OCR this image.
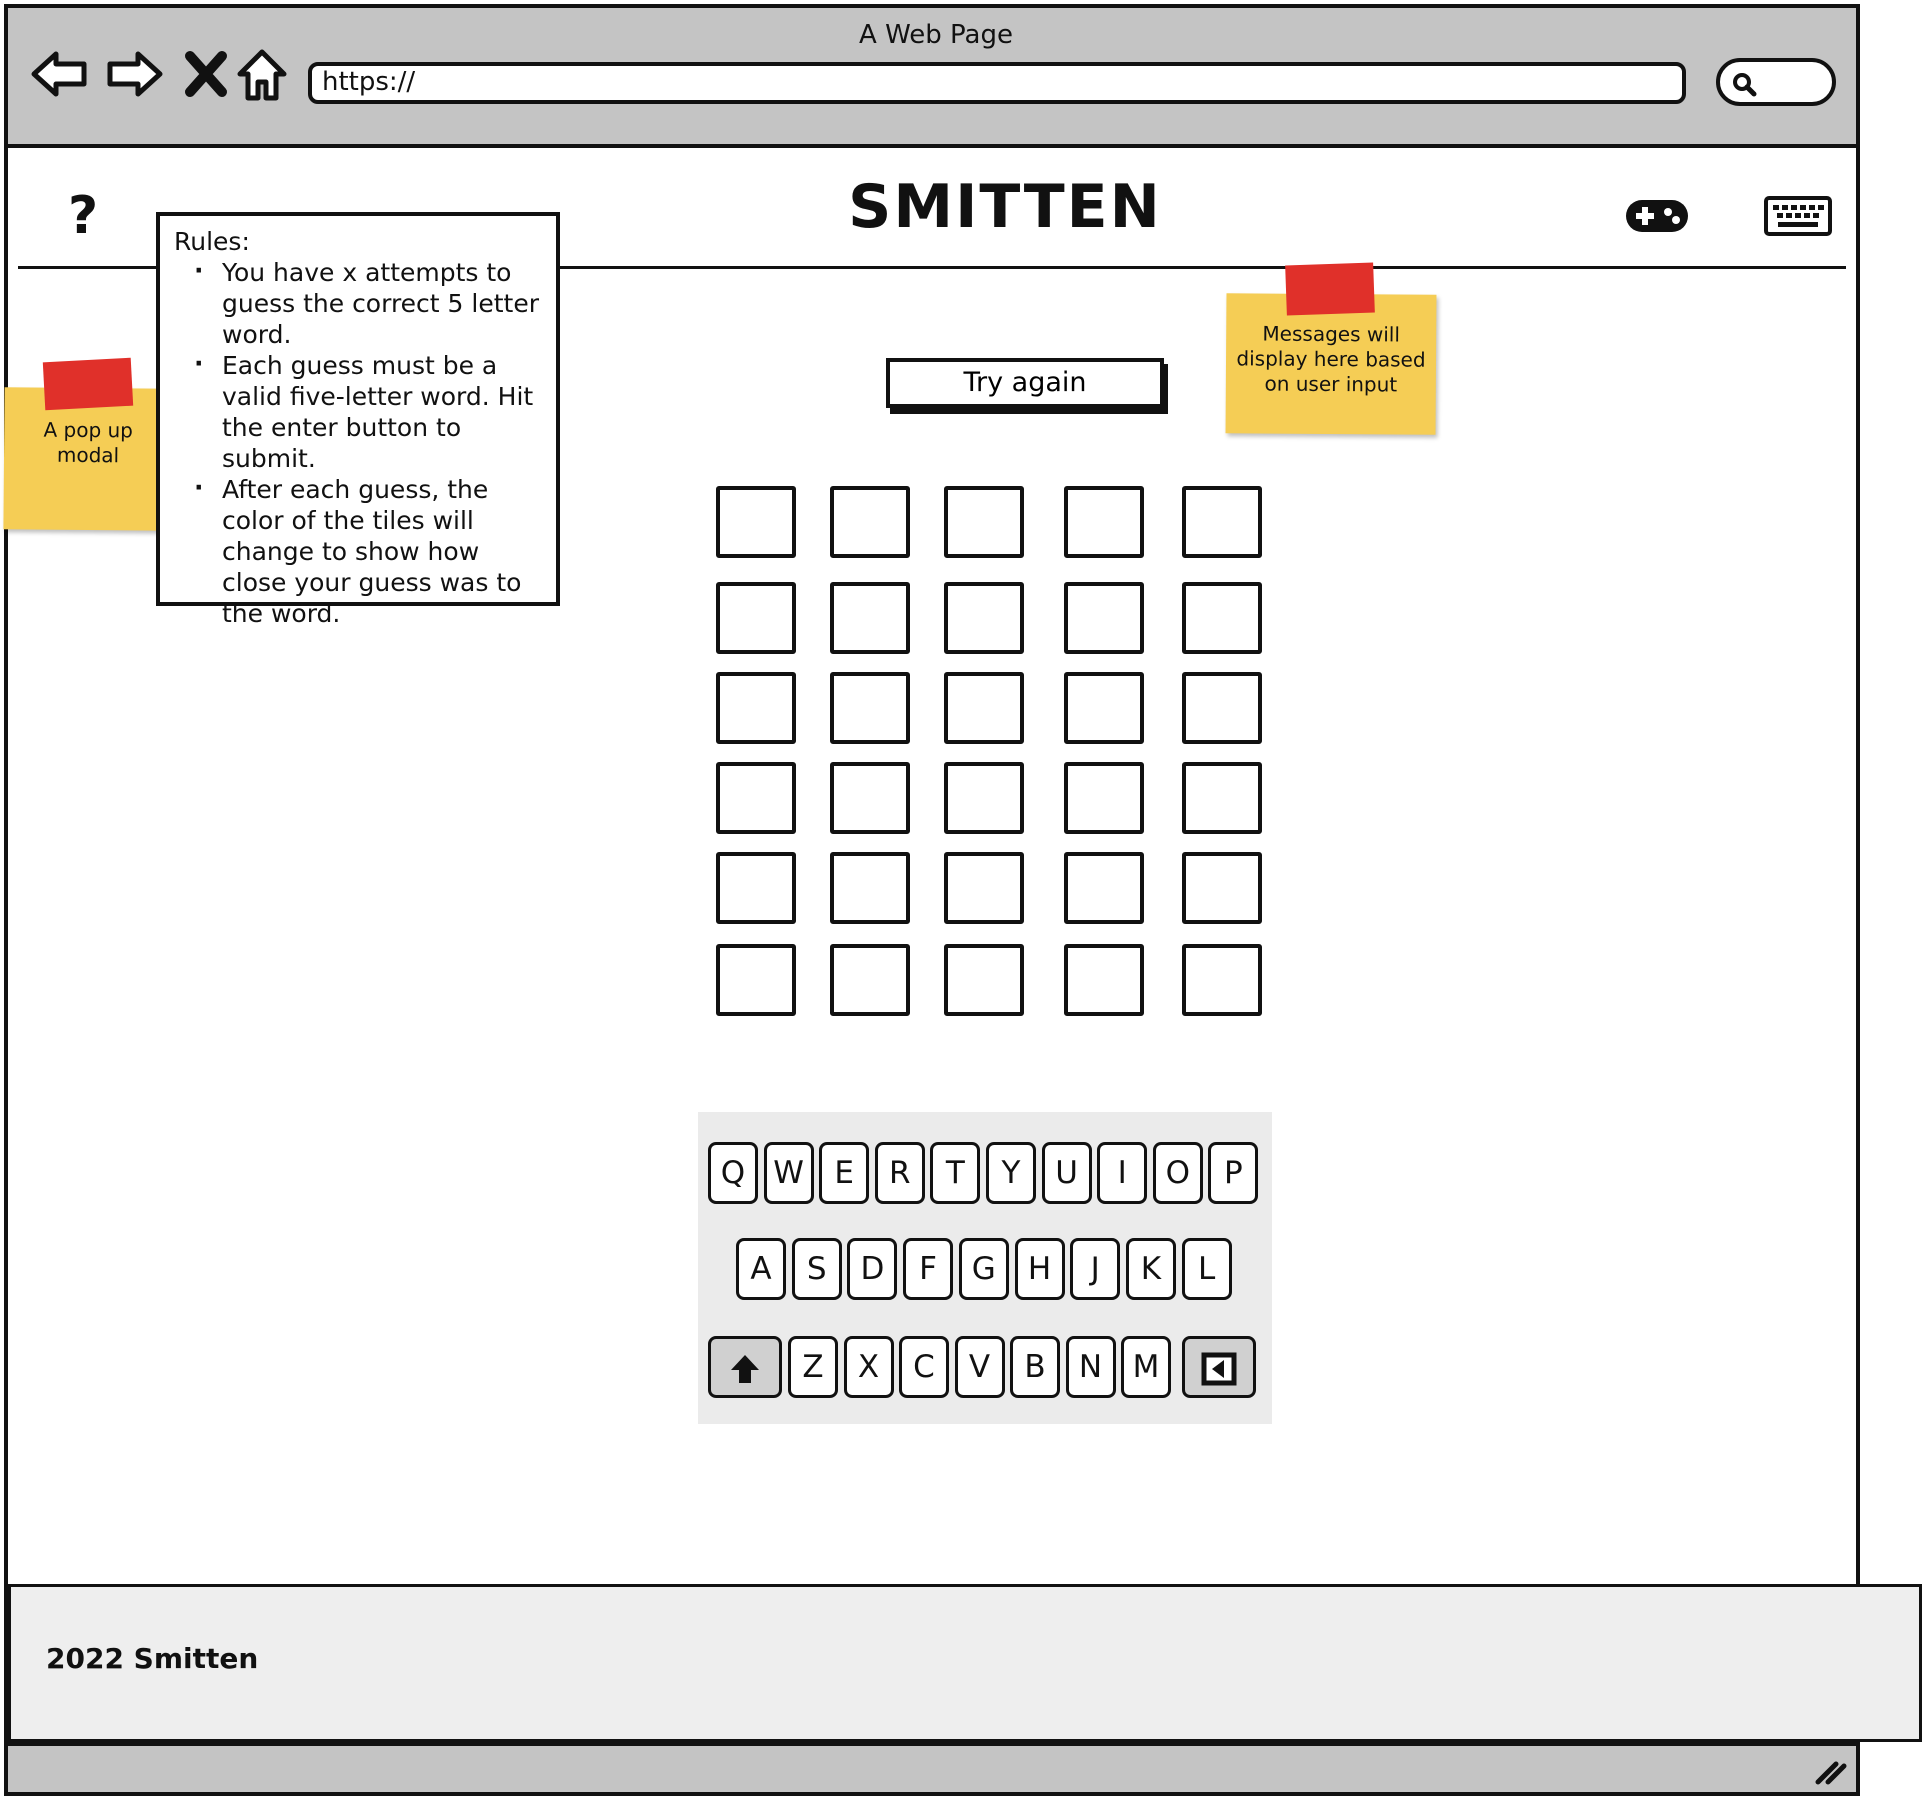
A Web Page
https://
?	SMITTEN
A pop up modal
Rules:
· You have x attempts to guess the correct 5 letter word.
· Each guess must be a valid five-letter word. Hit the enter button to submit.
· After each guess, the color of the tiles will change to show how close your guess was to the word.
Messages will display here based on user input
Try again
Q W E	R	T	Y	U	I	O	P
A	S	D	F	G	H	J	K	L
Z	X	C	V	B	N M
2022 Smitten
